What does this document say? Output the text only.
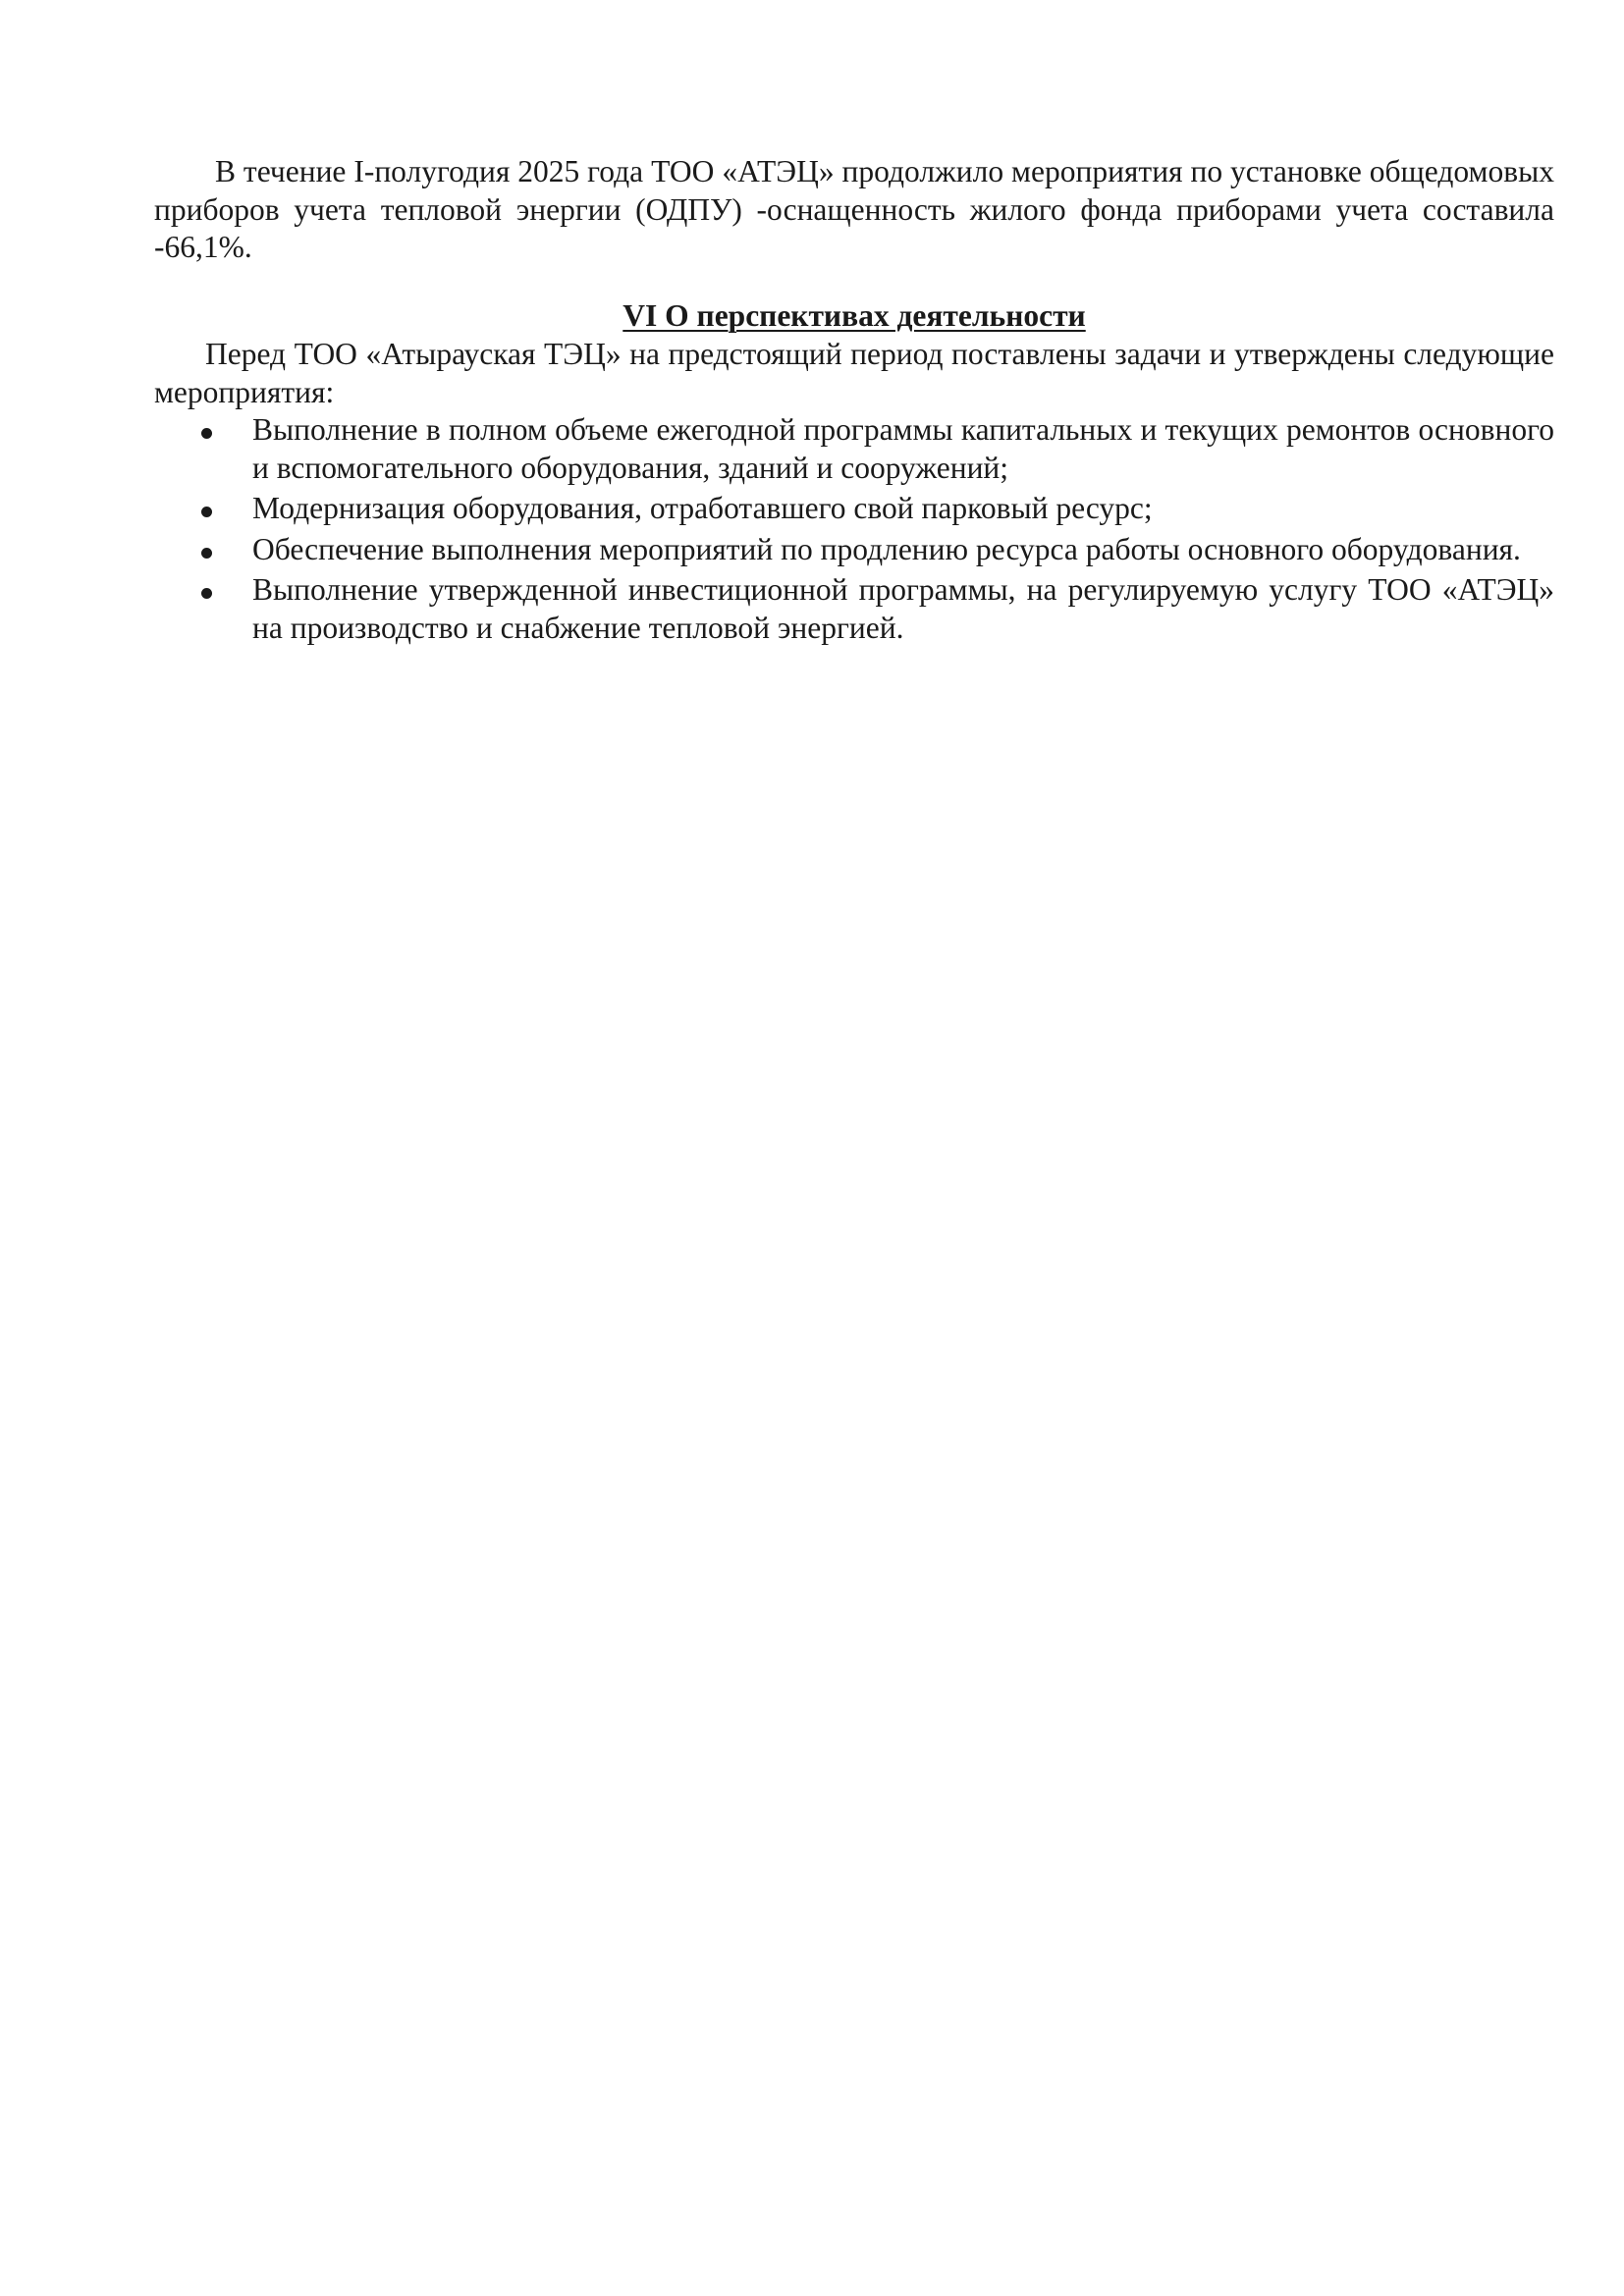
В течение I-полугодия 2025 года ТОО «АТЭЦ» продолжило мероприятия по установке общедомовых приборов учета тепловой энергии (ОДПУ) -оснащенность жилого фонда приборами учета составила -66,1%.

VI О перспективах деятельности

Перед ТОО «Атырауская ТЭЦ» на предстоящий период поставлены задачи и утверждены следующие мероприятия:

Выполнение в полном объеме ежегодной программы капитальных и текущих ремонтов основного и вспомогательного оборудования, зданий и сооружений;
Модернизация оборудования, отработавшего свой парковый ресурс;
Обеспечение выполнения мероприятий по продлению ресурса работы основного оборудования.
Выполнение утвержденной инвестиционной программы, на регулируемую услугу ТОО «АТЭЦ» на производство и снабжение тепловой энергией.
